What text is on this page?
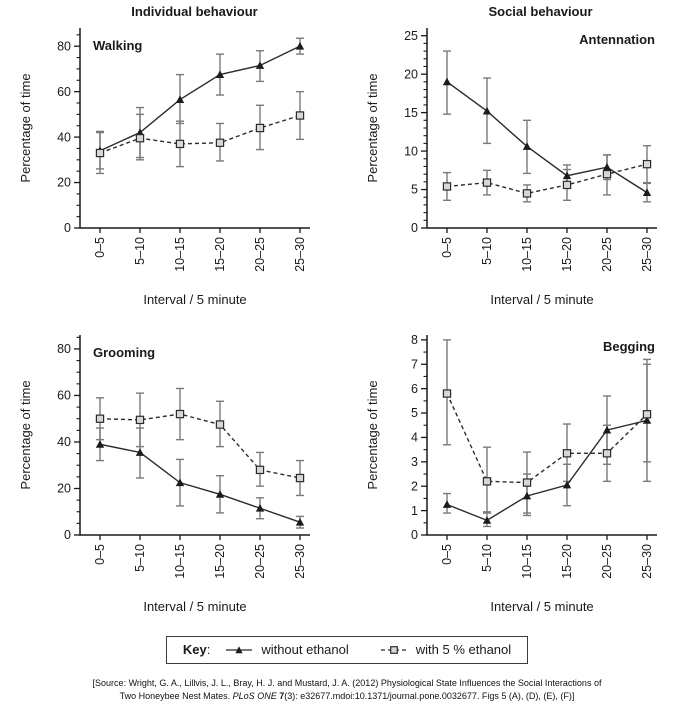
Individual behaviour	Social behaviour
0
20
40
60
80
0–5 5–10 10–15 15–20 20–25 25–30
Walking
Percentage of time
Interval / 5 minute
0
5
10
15
20
25
0–5 5–10 10–15 15–20 20–25 25–30
Antennation
Percentage of time
Interval / 5 minute
0
20
40
60
80
0–5 5–10 10–15 15–20 20–25 25–30
Grooming
Percentage of time
Interval / 5 minute
0
1
2
3
4
5
6
7
8
0–5 5–10 10–15 15–20 20–25 25–30
Begging
Percentage of time
Interval / 5 minute
Key:	without ethanol	with 5 % ethanol
[Source: Wright, G. A., Lillvis, J. L., Bray, H. J. and Mustard, J. A. (2012) Physiological State Influences the Social Interactions of
Two Honeybee Nest Mates. PLoS ONE 7(3): e32677.mdoi:10.1371/journal.pone.0032677. Figs 5 (A), (D), (E), (F)]
